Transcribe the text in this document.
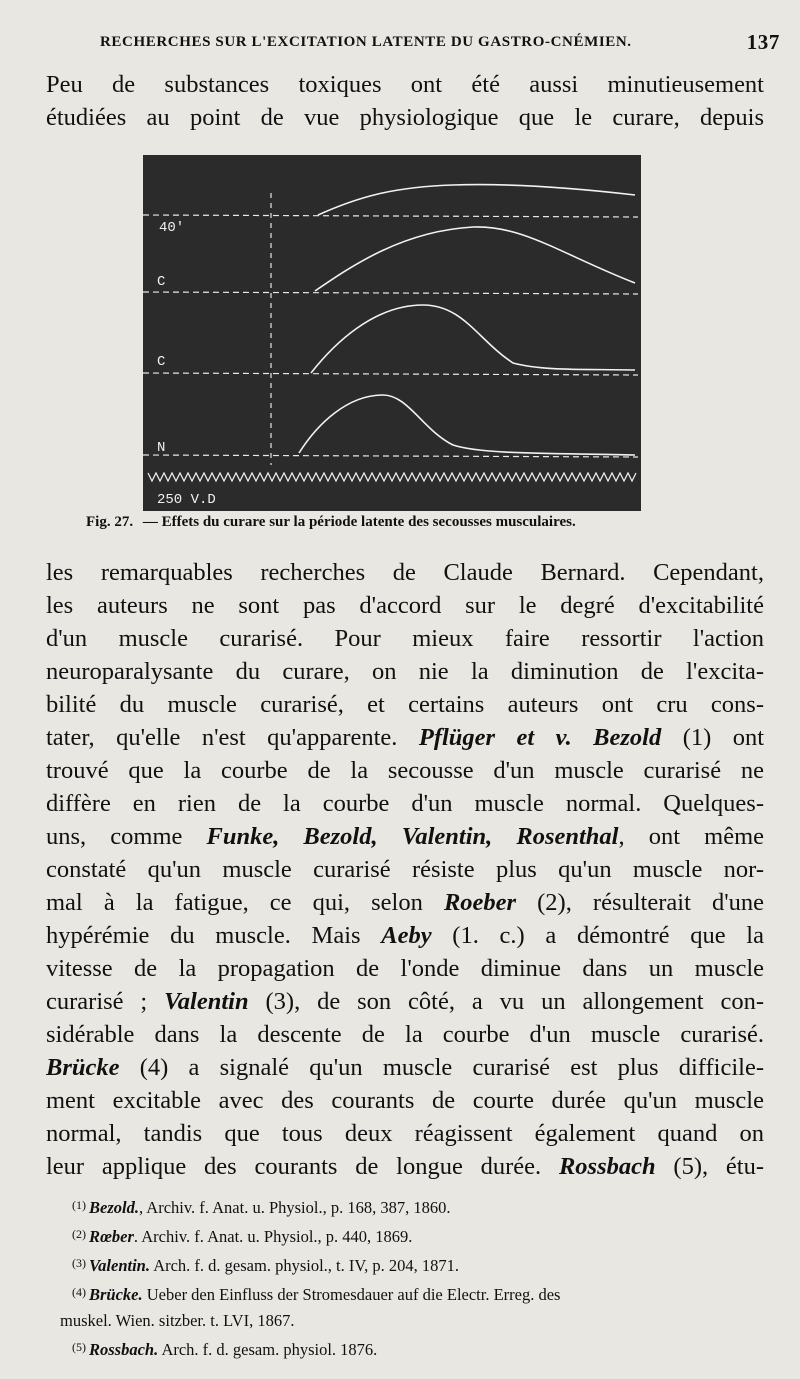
RECHERCHES SUR L'EXCITATION LATENTE DU GASTRO-CNÉMIEN.	137

Peu de substances toxiques ont été aussi minutieusement
étudiées au point de vue physiologique que le curare, depuis

40'
C
C
N
250 V.D
Fig. 27. — Effets du curare sur la période latente des secousses musculaires.

les remarquables recherches de Claude Bernard. Cependant,
les auteurs ne sont pas d'accord sur le degré d'excitabilité
d'un muscle curarisé. Pour mieux faire ressortir l'action
neuroparalysante du curare, on nie la diminution de l'excita-
bilité du muscle curarisé, et certains auteurs ont cru cons-
tater, qu'elle n'est qu'apparente. Pflüger et v. Bezold (1) ont
trouvé que la courbe de la secousse d'un muscle curarisé ne
diffère en rien de la courbe d'un muscle normal. Quelques-
uns, comme Funke, Bezold, Valentin, Rosenthal, ont même
constaté qu'un muscle curarisé résiste plus qu'un muscle nor-
mal à la fatigue, ce qui, selon Roeber (2), résulterait d'une
hypérémie du muscle. Mais Aeby (1. c.) a démontré que la
vitesse de la propagation de l'onde diminue dans un muscle
curarisé ; Valentin (3), de son côté, a vu un allongement con-
sidérable dans la descente de la courbe d'un muscle curarisé.
Brücke (4) a signalé qu'un muscle curarisé est plus difficile-
ment excitable avec des courants de courte durée qu'un muscle
normal, tandis que tous deux réagissent également quand on
leur applique des courants de longue durée. Rossbach (5), étu-

$^{(1)}$ Bezold., Archiv. f. Anat. u. Physiol., p. 168, 387, 1860.
$^{(2)}$ Rœber. Archiv. f. Anat. u. Physiol., p. 440, 1869.
$^{(3)}$ Valentin. Arch. f. d. gesam. physiol., t. IV, p. 204, 1871.
$^{(4)}$ Brücke. Ueber den Einfluss der Stromesdauer auf die Electr. Erreg. des
muskel. Wien. sitzber. t. LVI, 1867.
$^{(5)}$ Rossbach. Arch. f. d. gesam. physiol. 1876.
